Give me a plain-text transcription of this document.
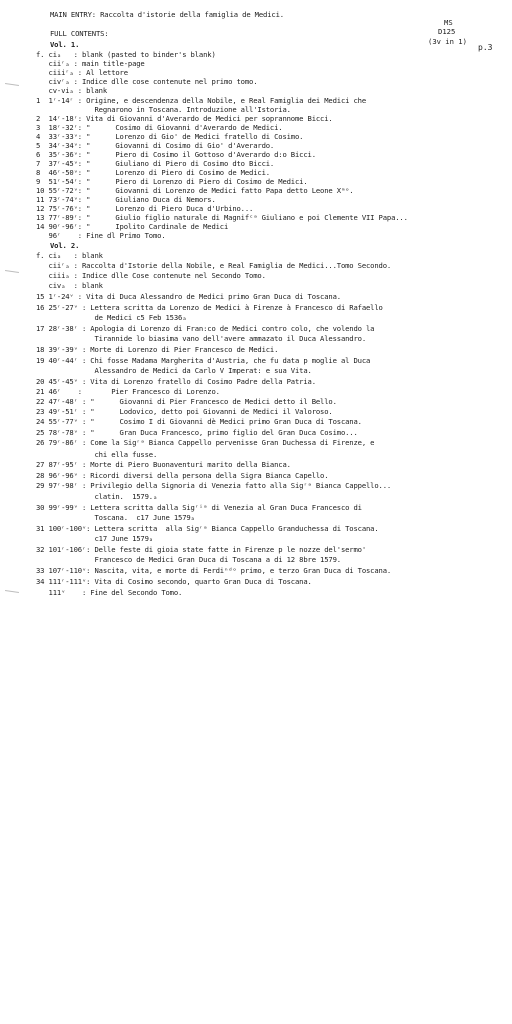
MAIN ENTRY: Raccolta d'istorie della famiglia de Medici.
MS
D125
(3v in 1)
p.3
FULL CONTENTS:
Vol. 1.
f. ciₐ   : blank (pasted to binder's blank)
ciiʳₐ : main title-page
ciiiʳₐ : Al lettore
civʳₐ : Indice dlle cose contenute nel primo tomo.
cv-viₐ : blank
1  1ʳ-14ʳ : Origine, e descendenza della Nobile, e Real Famiglia dei Medici che
Regnarono in Toscana. Introduzione all'Istoria.
2  14ʳ-18ʳ: Vita di Giovanni d'Averardo de Medici per soprannome Bicci.
3  18ʳ-32ʳ: "      Cosimo di Giovanni d'Averardo de Medici.
4  33ʳ-33ᵛ: "      Lorenzo di Gio' de Medici fratello di Cosimo.
5  34ʳ-34ᵛ: "      Giovanni di Cosimo di Gio' d'Averardo.
6  35ʳ-36ᵛ: "      Piero di Cosimo il Gottoso d'Averardo d:o Bicci.
7  37ʳ-45ᵛ: "      Giuliano di Piero di Cosimo dto Bicci.
8  46ʳ-50ᵛ: "      Lorenzo di Piero di Cosimo de Medici.
9  51ʳ-54ʳ: "      Piero di Lorenzo di Piero di Cosimo de Medici.
10 55ʳ-72ᵛ: "      Giovanni di Lorenzo de Medici fatto Papa detto Leone Xᵐᵒ.
11 73ʳ-74ᵛ: "      Giuliano Duca di Nemors.
12 75ʳ-76ᵛ: "      Lorenzo di Piero Duca d'Urbino...
13 77ʳ-89ʳ: "      Giulio figlio naturale di Magnifᶜᵃ Giuliano e poi Clemente VII Papa...
14 90ʳ-96ʳ: "      Ipolito Cardinale de Medici
96ʳ    : Fine dl Primo Tomo.
Vol. 2.
f. ciₐ   : blank
ciiʳₐ : Raccolta d'Istorie della Nobile, e Real Famiglia de Medici...Tomo Secondo.
ciiiₐ : Indice dlle Cose contenute nel Secondo Tomo.
civₐ  : blank
15 1ʳ-24ᵛ : Vita di Duca Alessandro de Medici primo Gran Duca di Toscana.
16 25ʳ-27ᵛ : Lettera scritta da Lorenzo de Medici à Firenze à Francesco di Rafaello
de Medici c5 Feb 1536ₐ
17 28ʳ-38ʳ : Apologia di Lorenzo di Fran:co de Medici contro colo, che volendo la
Tirannide lo biasima vano dell'avere ammazato il Duca Alessandro.
18 39ʳ-39ᵛ : Morte di Lorenzo di Pier Francesco de Medici.
19 40ʳ-44ʳ : Chi fosse Madama Margherita d'Austria, che fu data p moglie al Duca
Alessandro de Medici da Carlo V Imperat: e sua Vita.
20 45ʳ-45ᵛ : Vita di Lorenzo fratello di Cosimo Padre della Patria.
21 46ʳ    :       Pier Francesco di Lorenzo.
22 47ʳ-48ʳ : "      Giovanni di Pier Francesco de Medici detto il Bello.
23 49ʳ-51ʳ : "      Lodovico, detto poi Giovanni de Medici il Valoroso.
24 55ʳ-77ᵛ : "      Cosimo I di Giovanni dè Medici primo Gran Duca di Toscana.
25 78ʳ-78ᵛ : "      Gran Duca Francesco, primo figlio del Gran Duca Cosimo...
26 79ʳ-86ʳ : Come la Sigʳᵃ Bianca Cappello pervenisse Gran Duchessa di Firenze, e
chi ella fusse.
27 87ʳ-95ʳ : Morte di Piero Buonaventuri marito della Bianca.
28 96ʳ-96ᵛ : Ricordi diversi della persona della Sigra Bianca Capello.
29 97ʳ-98ʳ : Privilegio della Signoria di Venezia fatto alla Sigʳᵃ Bianca Cappello...
clatin.  1579.ₐ
30 99ʳ-99ᵛ : Lettera scritta dalla Sigʳⁱᵃ di Venezia al Gran Duca Francesco di
Toscana.  c17 June 1579ₐ
31 100ʳ-100ᵛ: Lettera scritta  alla Sigʳᵃ Bianca Cappello Granduchessa di Toscana.
c17 June 1579ₐ
32 101ʳ-106ʳ: Delle feste di gioia state fatte in Firenze p le nozze del'sermo'
Francesco de Medici Gran Duca di Toscana a di 12 8bre 1579.
33 107ʳ-110ᵛ: Nascita, vita, e morte di Ferdiⁿᵈᵒ primo, e terzo Gran Duca di Toscana.
34 111ʳ-111ᵛ: Vita di Cosimo secondo, quarto Gran Duca di Toscana.
111ᵛ    : Fine del Secondo Tomo.
